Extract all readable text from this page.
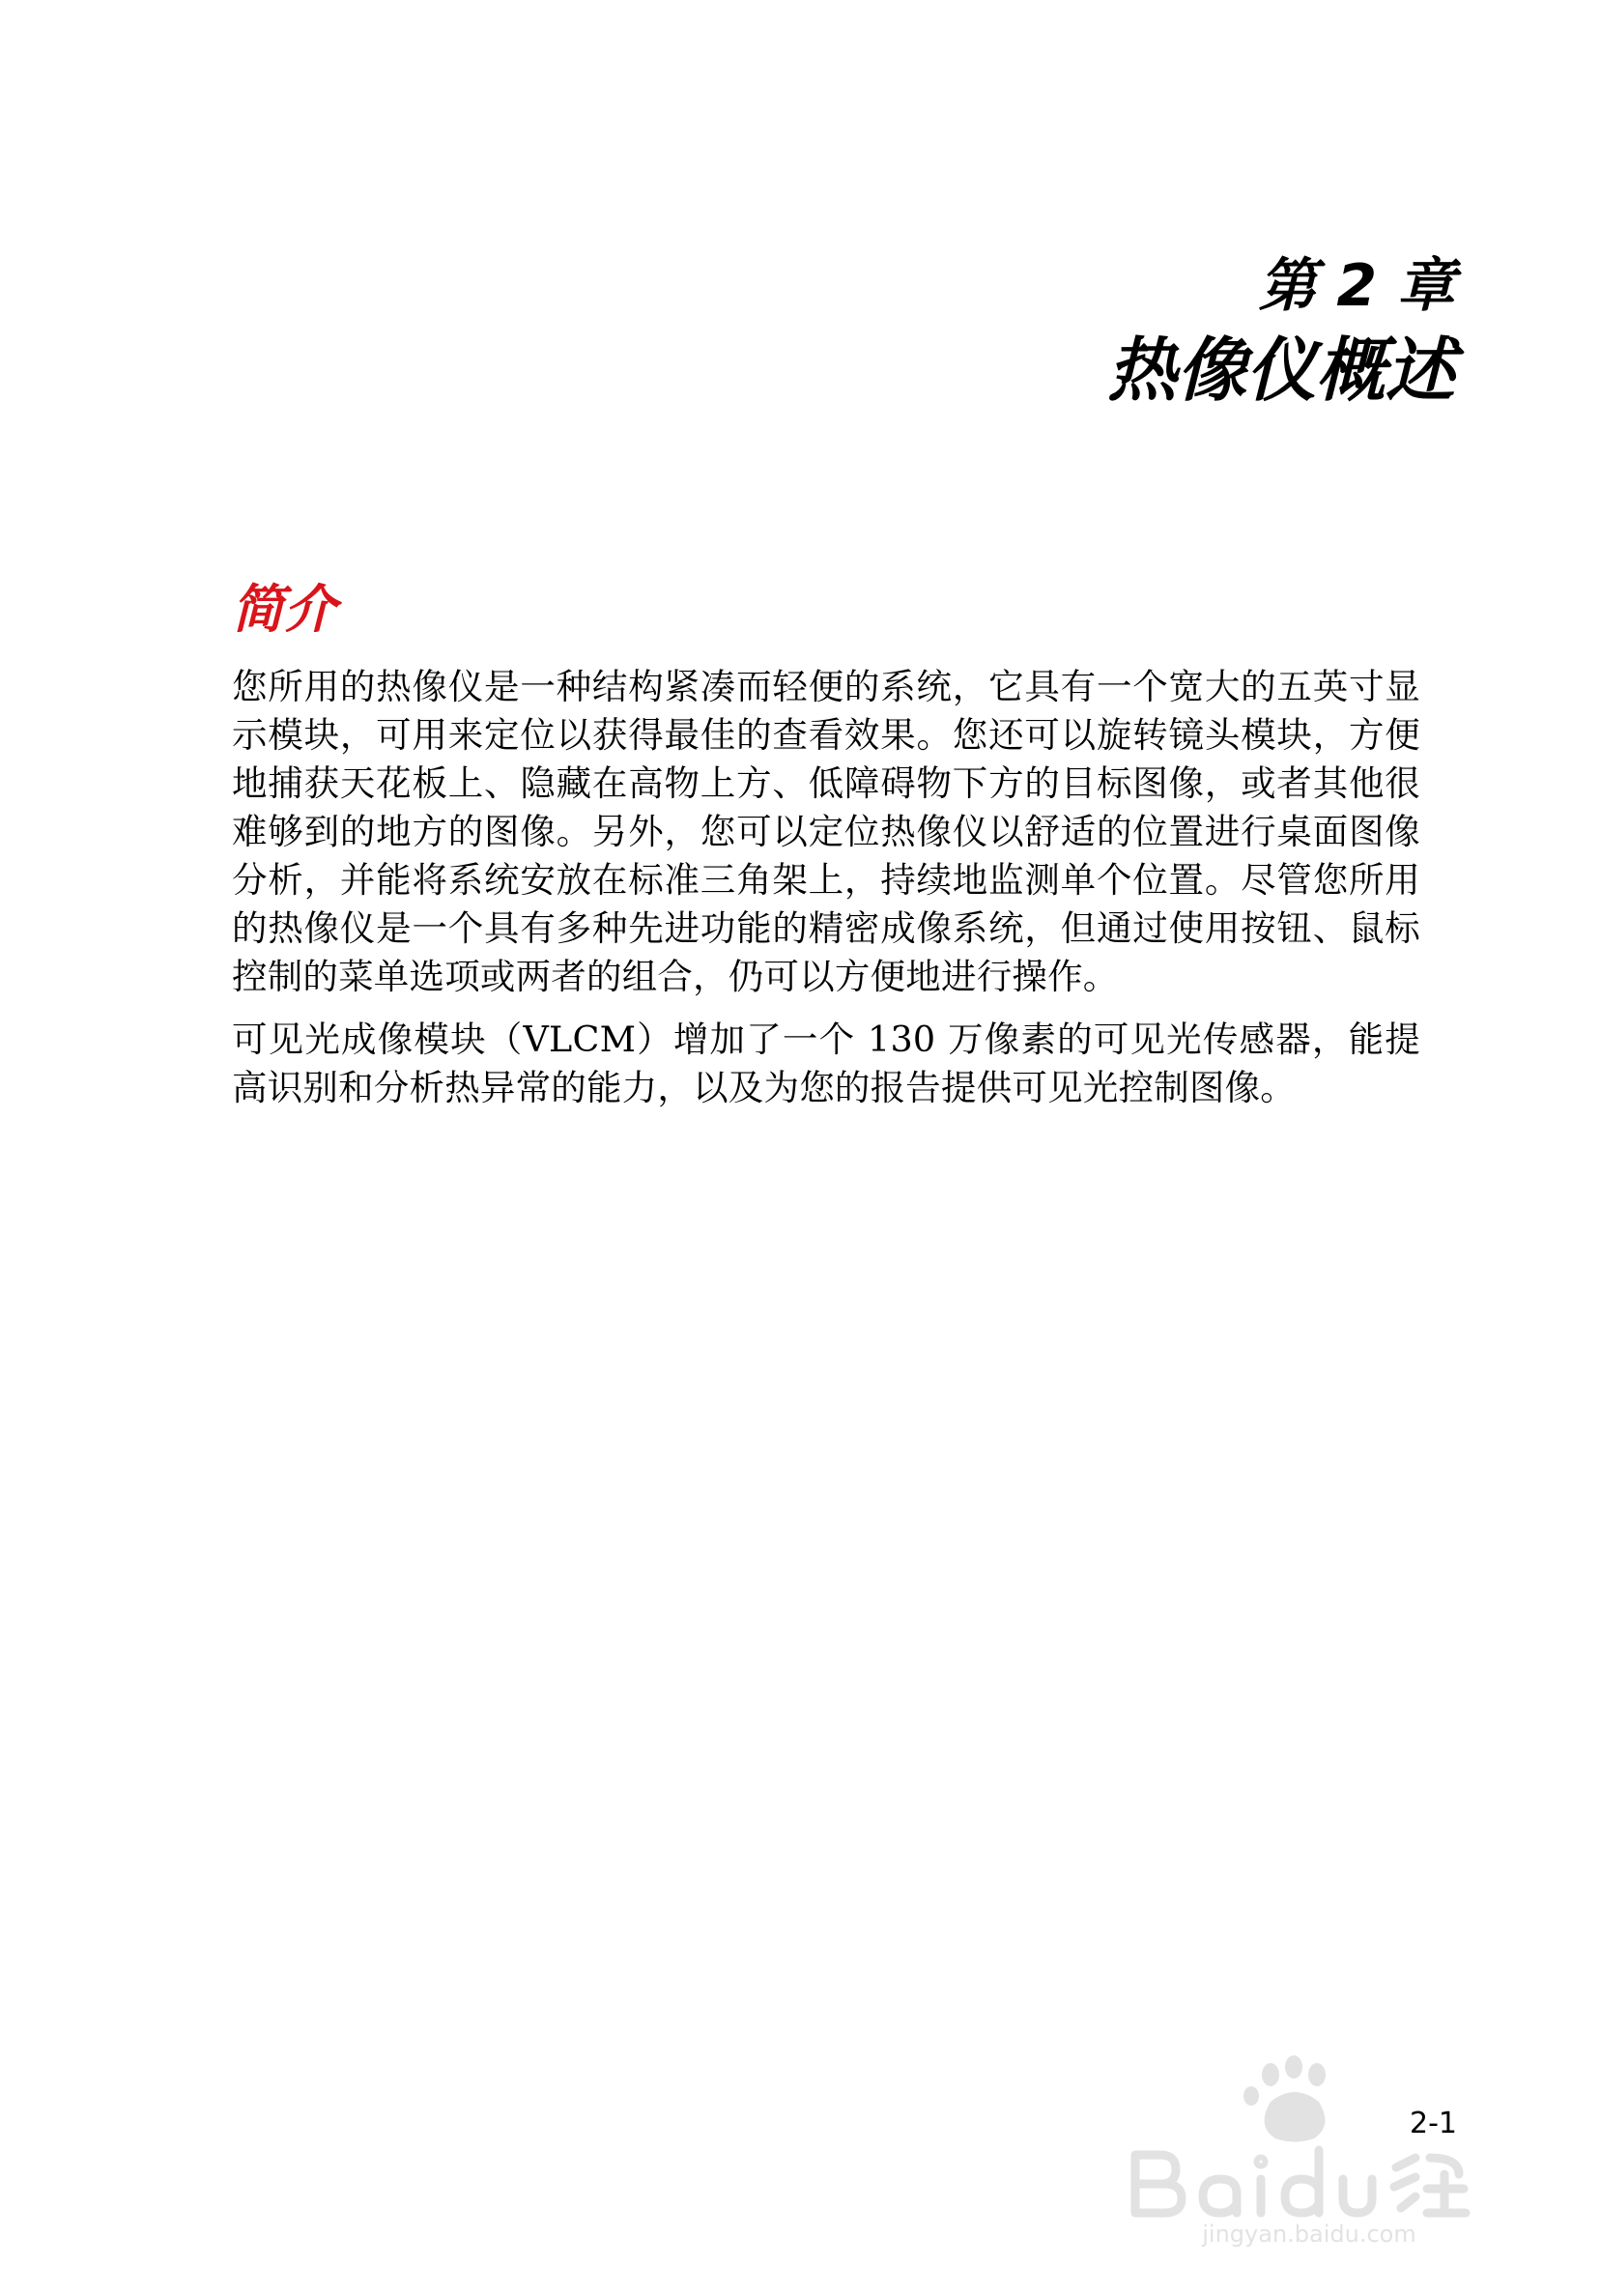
第 2 章
热像仪概述
简介

您所用的热像仪是一种结构紧凑而轻便的系统，它具有一个宽大的五英寸显示模块，可用来定位以获得最佳的查看效果。您还可以旋转镜头模块，方便地捕获天花板上、隐藏在高物上方、低障碍物下方的目标图像，或者其他很难够到的地方的图像。另外，您可以定位热像仪以舒适的位置进行桌面图像分析，并能将系统安放在标准三角架上，持续地监测单个位置。尽管您所用的热像仪是一个具有多种先进功能的精密成像系统，但通过使用按钮、鼠标控制的菜单选项或两者的组合，仍可以方便地进行操作。

可见光成像模块（VLCM）增加了一个 130 万像素的可见光传感器，能提高识别和分析热异常的能力，以及为您的报告提供可见光控制图像。

2-1
jingyan.baidu.com
